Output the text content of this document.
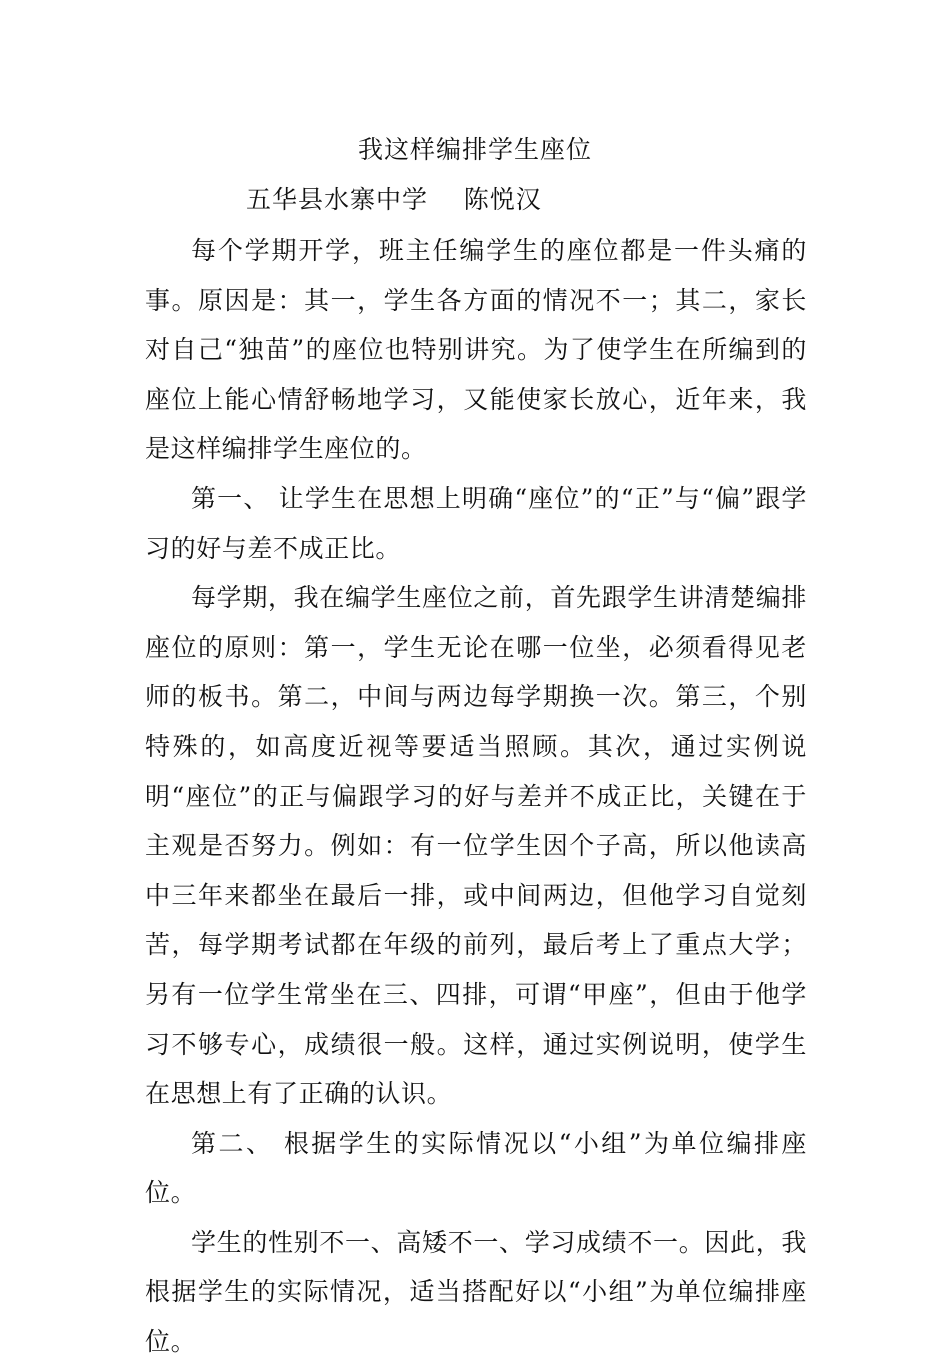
我这样编排学生座位
五华县水寨中学    陈悦汉

每个学期开学，班主任编学生的座位都是一件头痛的事。原因是：其一，学生各方面的情况不一；其二，家长对自己“独苗”的座位也特别讲究。为了使学生在所编到的座位上能心情舒畅地学习，又能使家长放心，近年来，我是这样编排学生座位的。

第一、 让学生在思想上明确“座位”的“正”与“偏”跟学习的好与差不成正比。

每学期，我在编学生座位之前，首先跟学生讲清楚编排座位的原则：第一，学生无论在哪一位坐，必须看得见老师的板书。第二，中间与两边每学期换一次。第三，个别特殊的，如高度近视等要适当照顾。其次，通过实例说明“座位”的正与偏跟学习的好与差并不成正比，关键在于主观是否努力。例如：有一位学生因个子高，所以他读高中三年来都坐在最后一排，或中间两边，但他学习自觉刻苦，每学期考试都在年级的前列，最后考上了重点大学；另有一位学生常坐在三、四排，可谓“甲座”，但由于他学习不够专心，成绩很一般。这样，通过实例说明，使学生在思想上有了正确的认识。

第二、 根据学生的实际情况以“小组”为单位编排座位。

学生的性别不一、高矮不一、学习成绩不一。因此，我根据学生的实际情况，适当搭配好以“小组”为单位编排座位。
